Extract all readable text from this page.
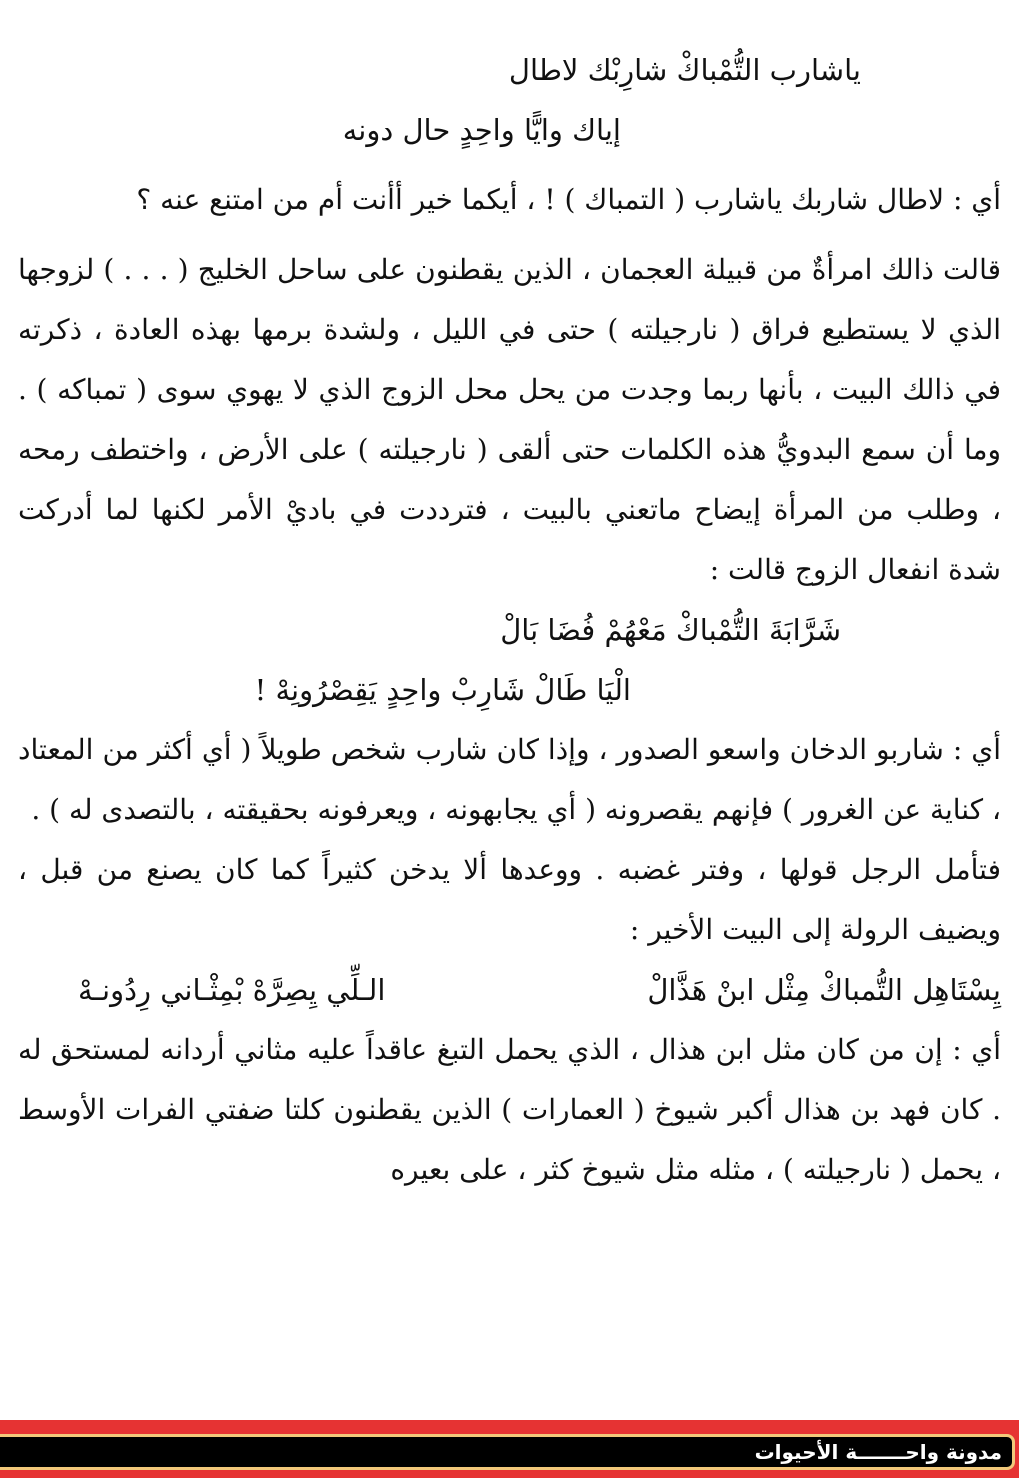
ياشارب التُّمْباكْ شارِبْك لاطال
إياك وايًّا واحِدٍ حال دونه

أي : لاطال شاربك ياشارب ( التمباك ) ! ، أيكما خير أأنت أم من امتنع عنه ؟

قالت ذالك امرأةٌ من قبيلة العجمان ، الذين يقطنون على ساحل الخليج ( . . . ) لزوجها الذي لا يستطيع فراق ( نارجيلته ) حتى في الليل ، ولشدة برمها بهذه العادة ، ذكرته في ذالك البيت ، بأنها ربما وجدت من يحل محل الزوج الذي لا يهوي سوى ( تمباكه ) . وما أن سمع البدويُّ هذه الكلمات حتى ألقى ( نارجيلته ) على الأرض ، واختطف رمحه ، وطلب من المرأة إيضاح ماتعني بالبيت ، فترددت في باديْ الأمر لكنها لما أدركت شدة انفعال الزوج قالت :

شَرَّابَةَ التُّمْباكْ مَعْهُمْ فُضَا بَالْ
الْيَا طَالْ شَارِبْ واحِدٍ يَقِصْرُونِهْ !

أي : شاربو الدخان واسعو الصدور ، وإذا كان شارب شخص طويلاً ( أي أكثر من المعتاد ، كناية عن الغرور ) فإنهم يقصرونه ( أي يجابهونه ، ويعرفونه بحقيقته ، بالتصدى له ) .

فتأمل الرجل قولها ، وفتر غضبه . ووعدها ألا يدخن كثيراً كما كان يصنع من قبل ، ويضيف الرولة إلى البيت الأخير :

يِسْتَاهِل التُّمباكْ مِثْل ابنْ هَذَّالْ
الـلِّي يِصِرَّهْ بْمِثْـاني رِدُونـهْ

أي : إن من كان مثل ابن هذال ، الذي يحمل التبغ عاقداً عليه مثاني أردانه لمستحق له . كان فهد بن هذال أكبر شيوخ ( العمارات ) الذين يقطنون كلتا ضفتي الفرات الأوسط ، يحمل ( نارجيلته ) ، مثله مثل شيوخ كثر ، على بعيره

مدونة واحـــــــة الأحيوات
